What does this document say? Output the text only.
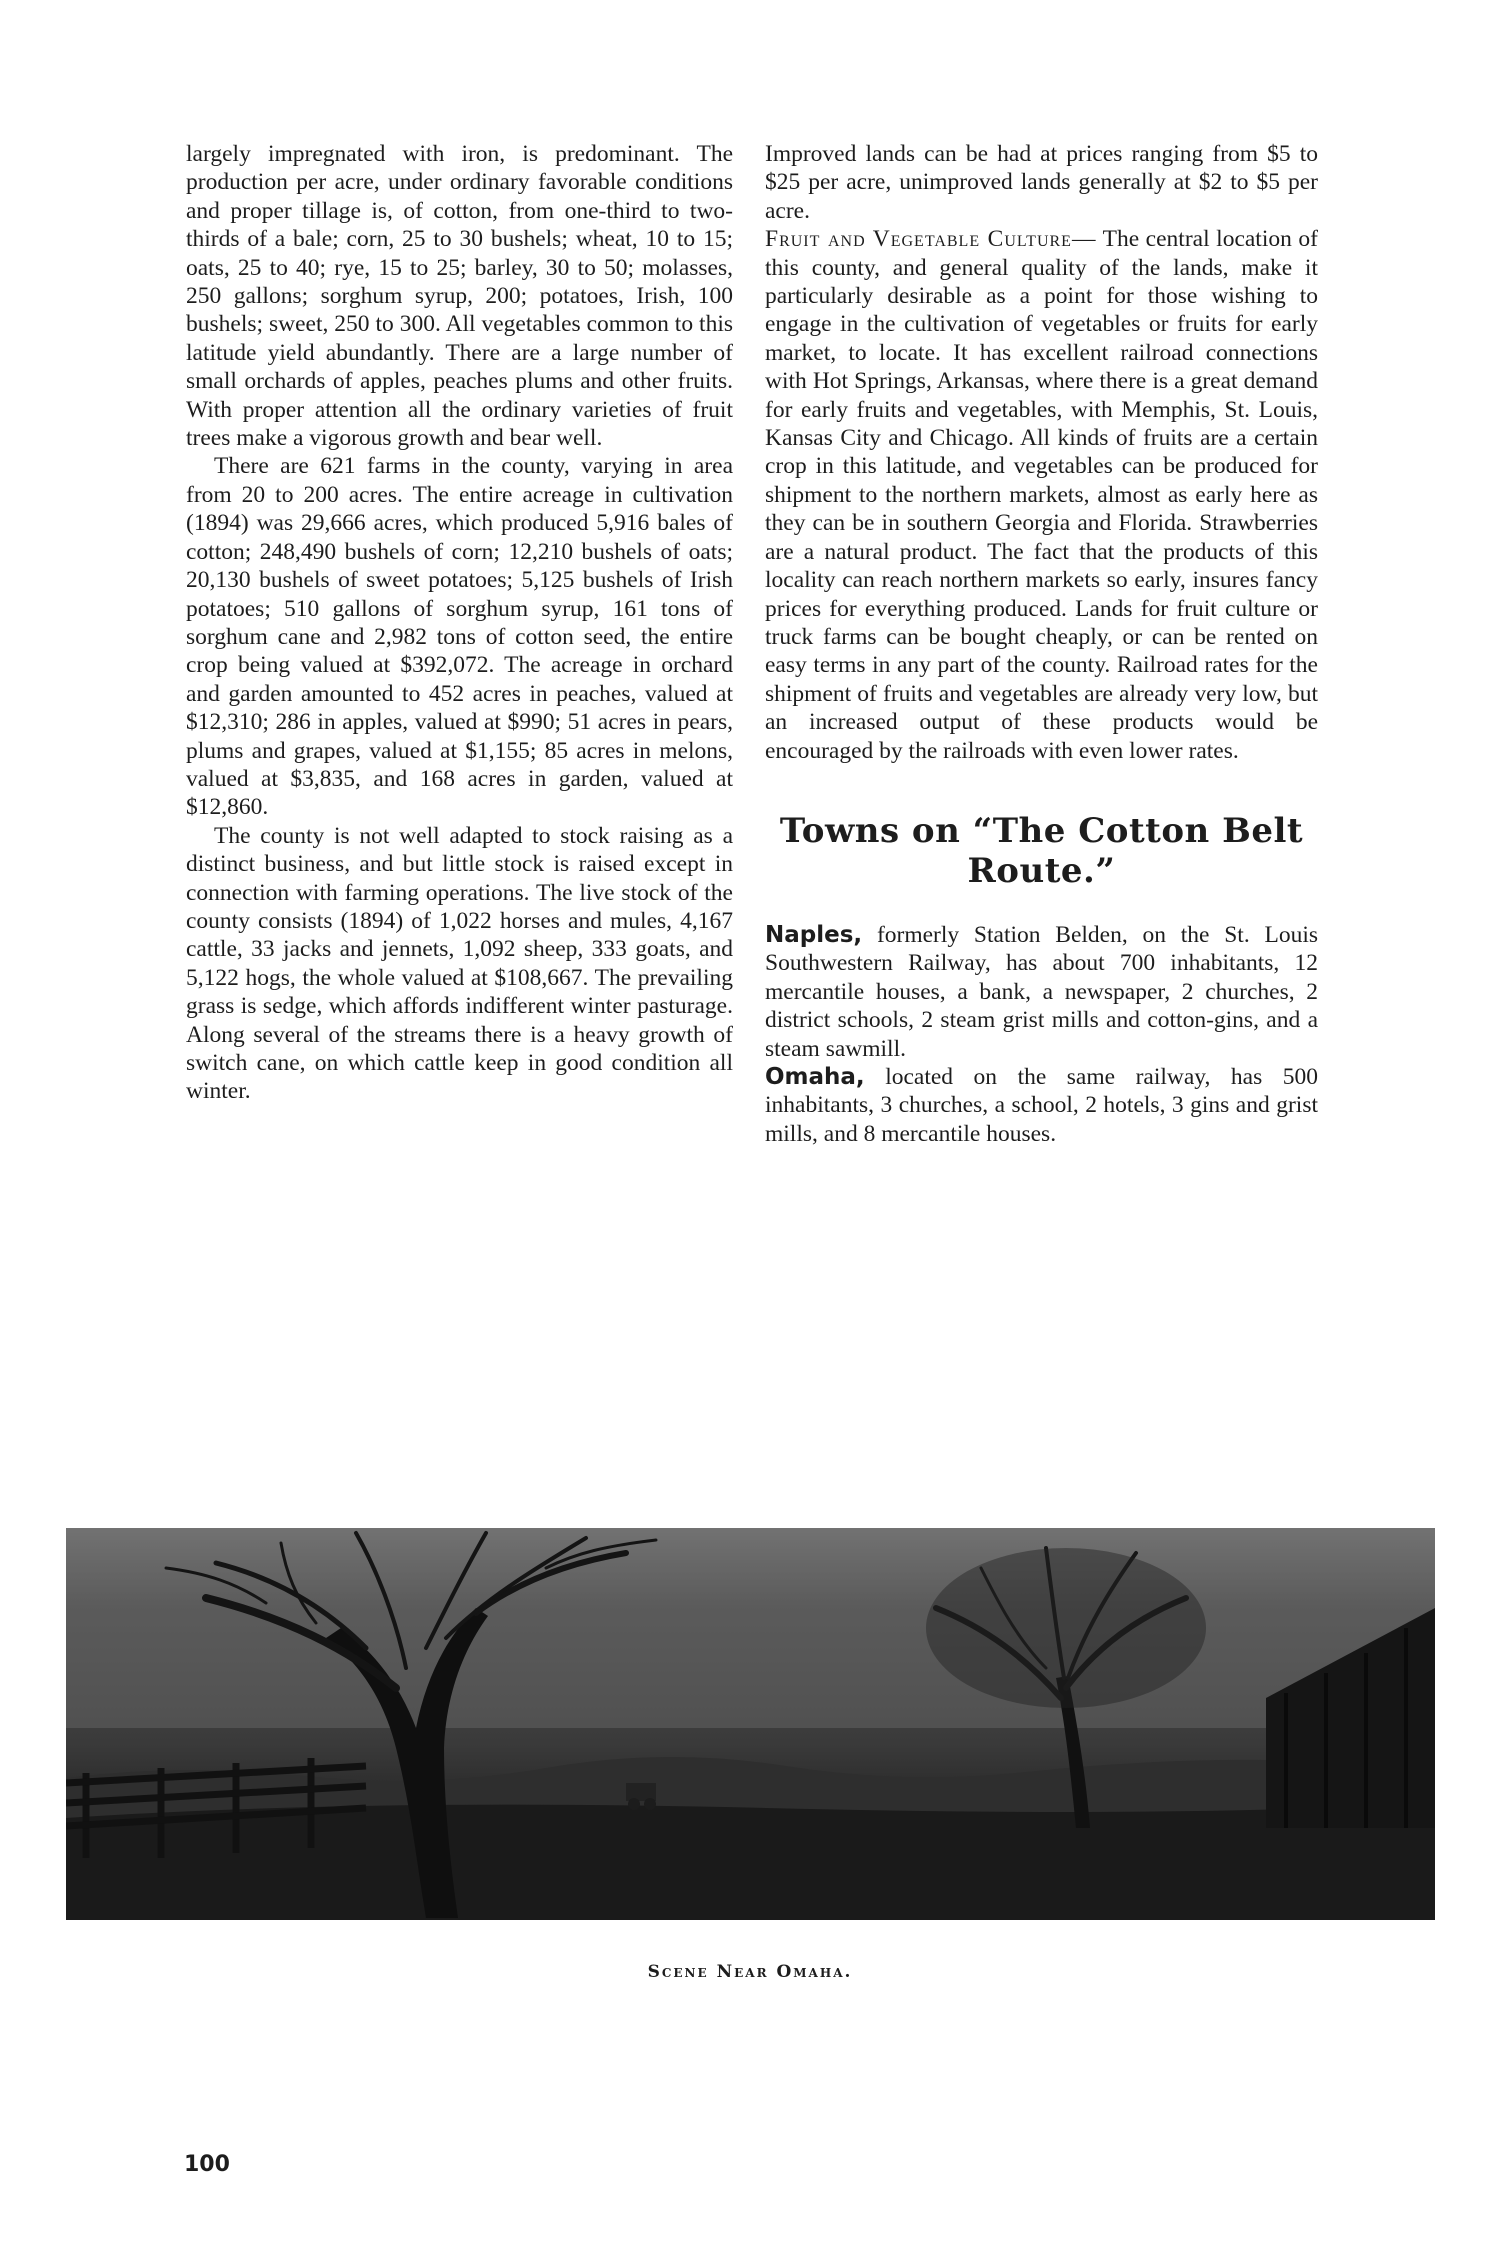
largely impregnated with iron, is predominant. The production per acre, under ordinary favorable conditions and proper tillage is, of cotton, from one-third to two-thirds of a bale; corn, 25 to 30 bushels; wheat, 10 to 15; oats, 25 to 40; rye, 15 to 25; barley, 30 to 50; molasses, 250 gallons; sorghum syrup, 200; potatoes, Irish, 100 bushels; sweet, 250 to 300. All vegetables common to this latitude yield abundantly. There are a large number of small orchards of apples, peaches plums and other fruits. With proper attention all the ordinary varieties of fruit trees make a vigorous growth and bear well.

There are 621 farms in the county, varying in area from 20 to 200 acres. The entire acreage in cultivation (1894) was 29,666 acres, which produced 5,916 bales of cotton; 248,490 bushels of corn; 12,210 bushels of oats; 20,130 bushels of sweet potatoes; 5,125 bushels of Irish potatoes; 510 gallons of sorghum syrup, 161 tons of sorghum cane and 2,982 tons of cotton seed, the entire crop being valued at $392,072. The acreage in orchard and garden amounted to 452 acres in peaches, valued at $12,310; 286 in apples, valued at $990; 51 acres in pears, plums and grapes, valued at $1,155; 85 acres in melons, valued at $3,835, and 168 acres in garden, valued at $12,860.

The county is not well adapted to stock raising as a distinct business, and but little stock is raised except in connection with farming operations. The live stock of the county consists (1894) of 1,022 horses and mules, 4,167 cattle, 33 jacks and jennets, 1,092 sheep, 333 goats, and 5,122 hogs, the whole valued at $108,667. The prevailing grass is sedge, which affords indifferent winter pasturage. Along several of the streams there is a heavy growth of switch cane, on which cattle keep in good condition all winter.

Improved lands can be had at prices ranging from $5 to $25 per acre, unimproved lands generally at $2 to $5 per acre.

Fruit and Vegetable Culture— The central location of this county, and general quality of the lands, make it particularly desirable as a point for those wishing to engage in the cultivation of vegetables or fruits for early market, to locate. It has excellent railroad connections with Hot Springs, Arkansas, where there is a great demand for early fruits and vegetables, with Memphis, St. Louis, Kansas City and Chicago. All kinds of fruits are a certain crop in this latitude, and vegetables can be produced for shipment to the northern markets, almost as early here as they can be in southern Georgia and Florida. Strawberries are a natural product. The fact that the products of this locality can reach northern markets so early, insures fancy prices for everything produced. Lands for fruit culture or truck farms can be bought cheaply, or can be rented on easy terms in any part of the county. Railroad rates for the shipment of fruits and vegetables are already very low, but an increased output of these products would be encouraged by the railroads with even lower rates.

Towns on “The Cotton Belt Route.”

Naples, formerly Station Belden, on the St. Louis Southwestern Railway, has about 700 inhabitants, 12 mercantile houses, a bank, a newspaper, 2 churches, 2 district schools, 2 steam grist mills and cotton-gins, and a steam sawmill.

Omaha, located on the same railway, has 500 inhabitants, 3 churches, a school, 2 hotels, 3 gins and grist mills, and 8 mercantile houses.

Scene Near Omaha.
100
